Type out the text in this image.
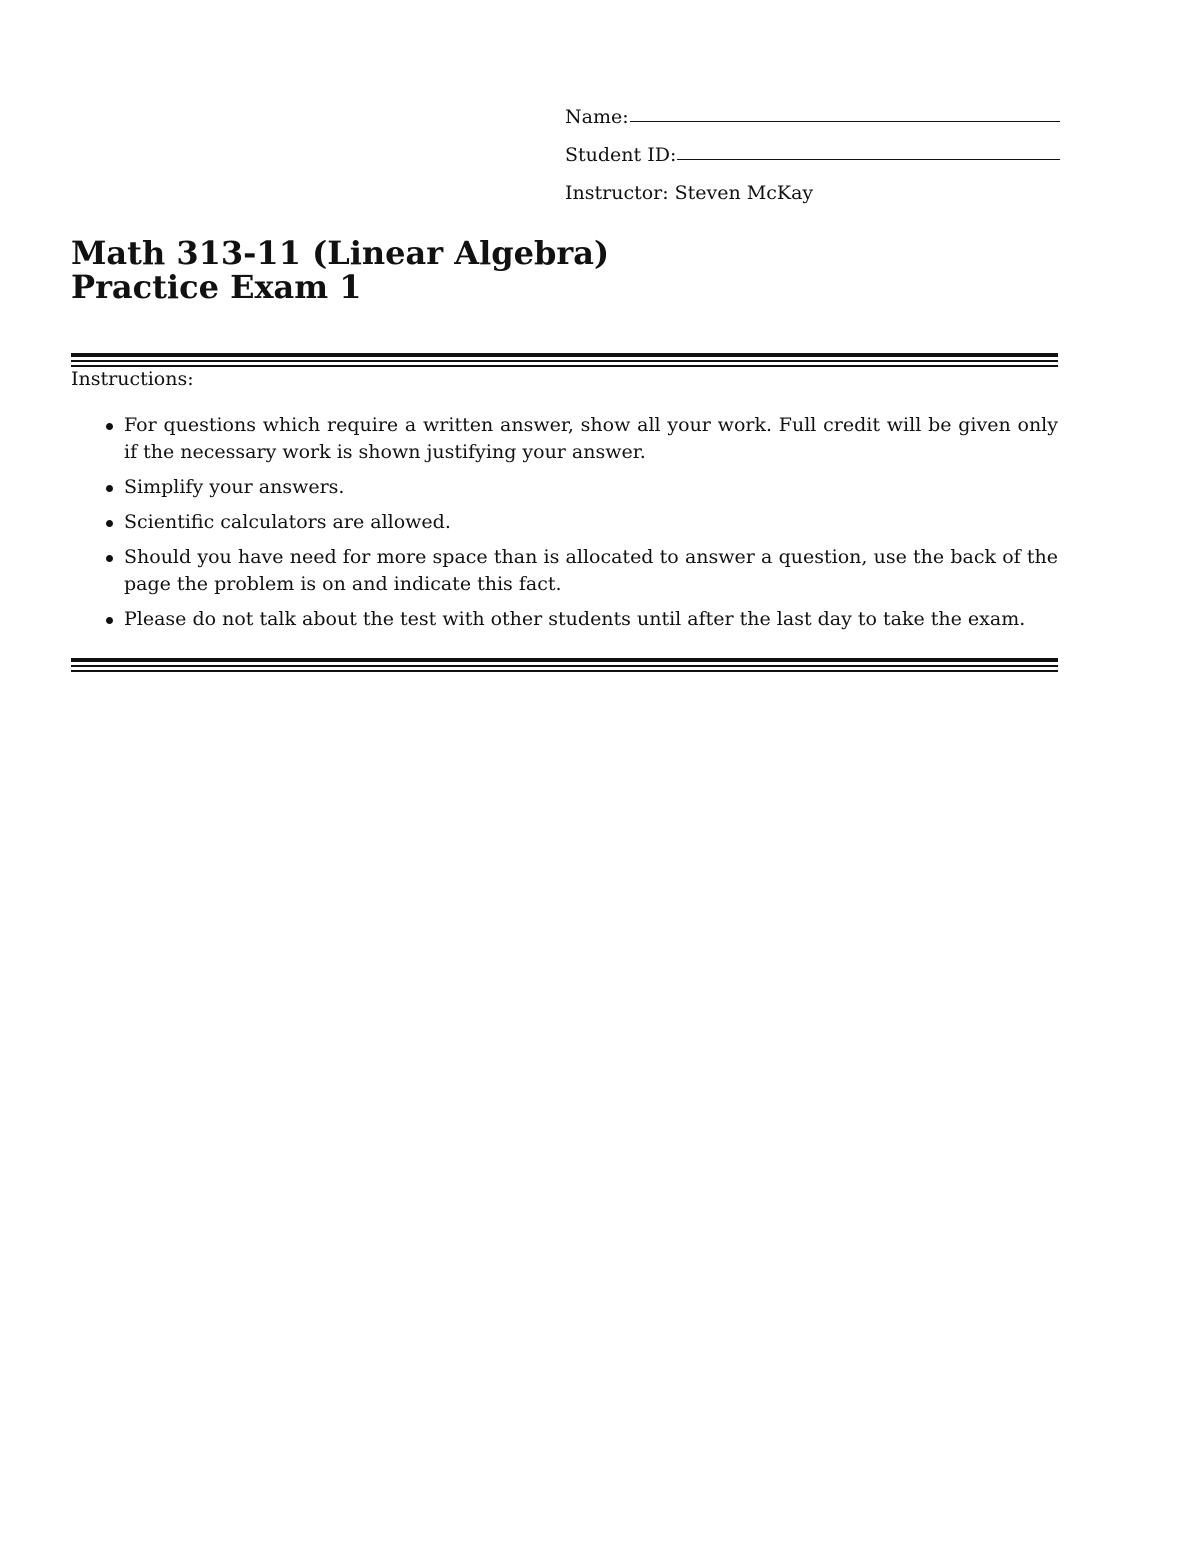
Name:
Student ID:
Instructor: Steven McKay
Math 313-11 (Linear Algebra)
Practice Exam 1
Instructions:
For questions which require a written answer, show all your work. Full credit will be given only if the necessary work is shown justifying your answer.
Simplify your answers.
Scientific calculators are allowed.
Should you have need for more space than is allocated to answer a question, use the back of the page the problem is on and indicate this fact.
Please do not talk about the test with other students until after the last day to take the exam.
